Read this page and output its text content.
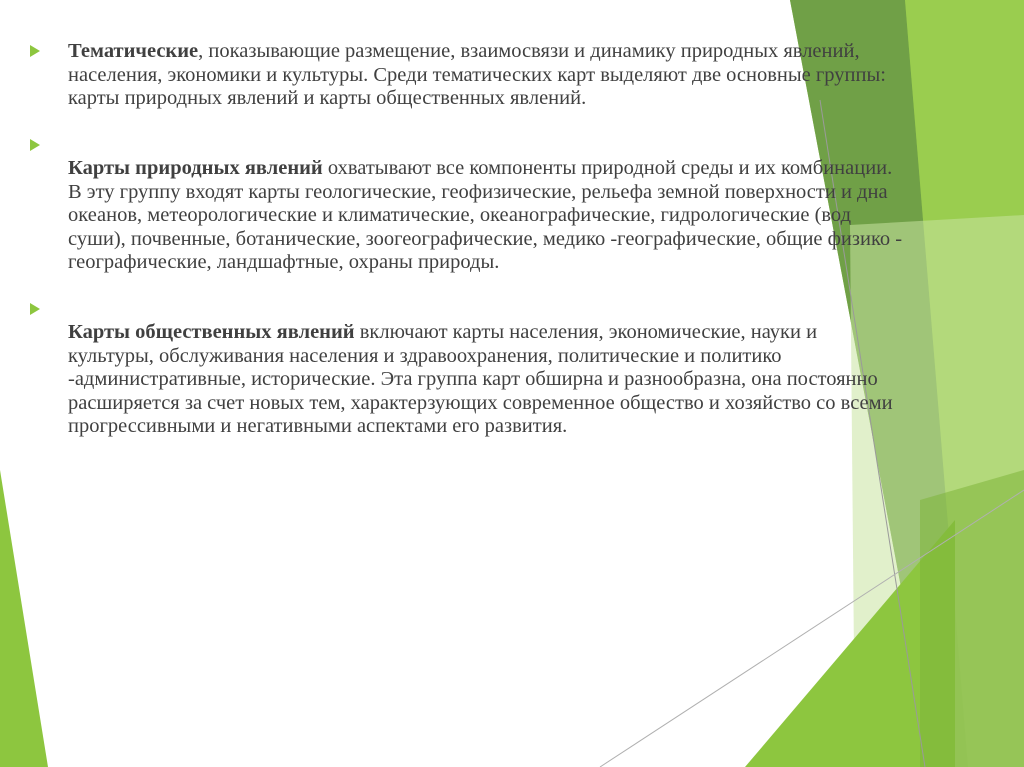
Тематические, показывающие размещение, взаимосвязи и динамику природных явлений, населения, экономики и культуры. Среди тематических карт выделяют две основные группы: карты природных явлений и карты общественных явлений.
Карты природных явлений охватывают все компоненты природной среды и их комбинации. В эту группу входят карты геологические, геофизические, рельефа земной поверхности и дна океанов, метеорологические и климатические, океанографические, гидрологические (вод суши), почвенные, ботанические, зоогеографические, медико -географические, общие физико - географические, ландшафтные, охраны природы.
Карты общественных явлений включают карты населения, экономические, науки и культуры, обслуживания населения и здравоохранения, политические и политико -административные, исторические. Эта группа карт обширна и разнообразна, она постоянно расширяется за счет новых тем, характерзующих современное общество и хозяйство со всеми прогрессивными и негативными аспектами его развития.
